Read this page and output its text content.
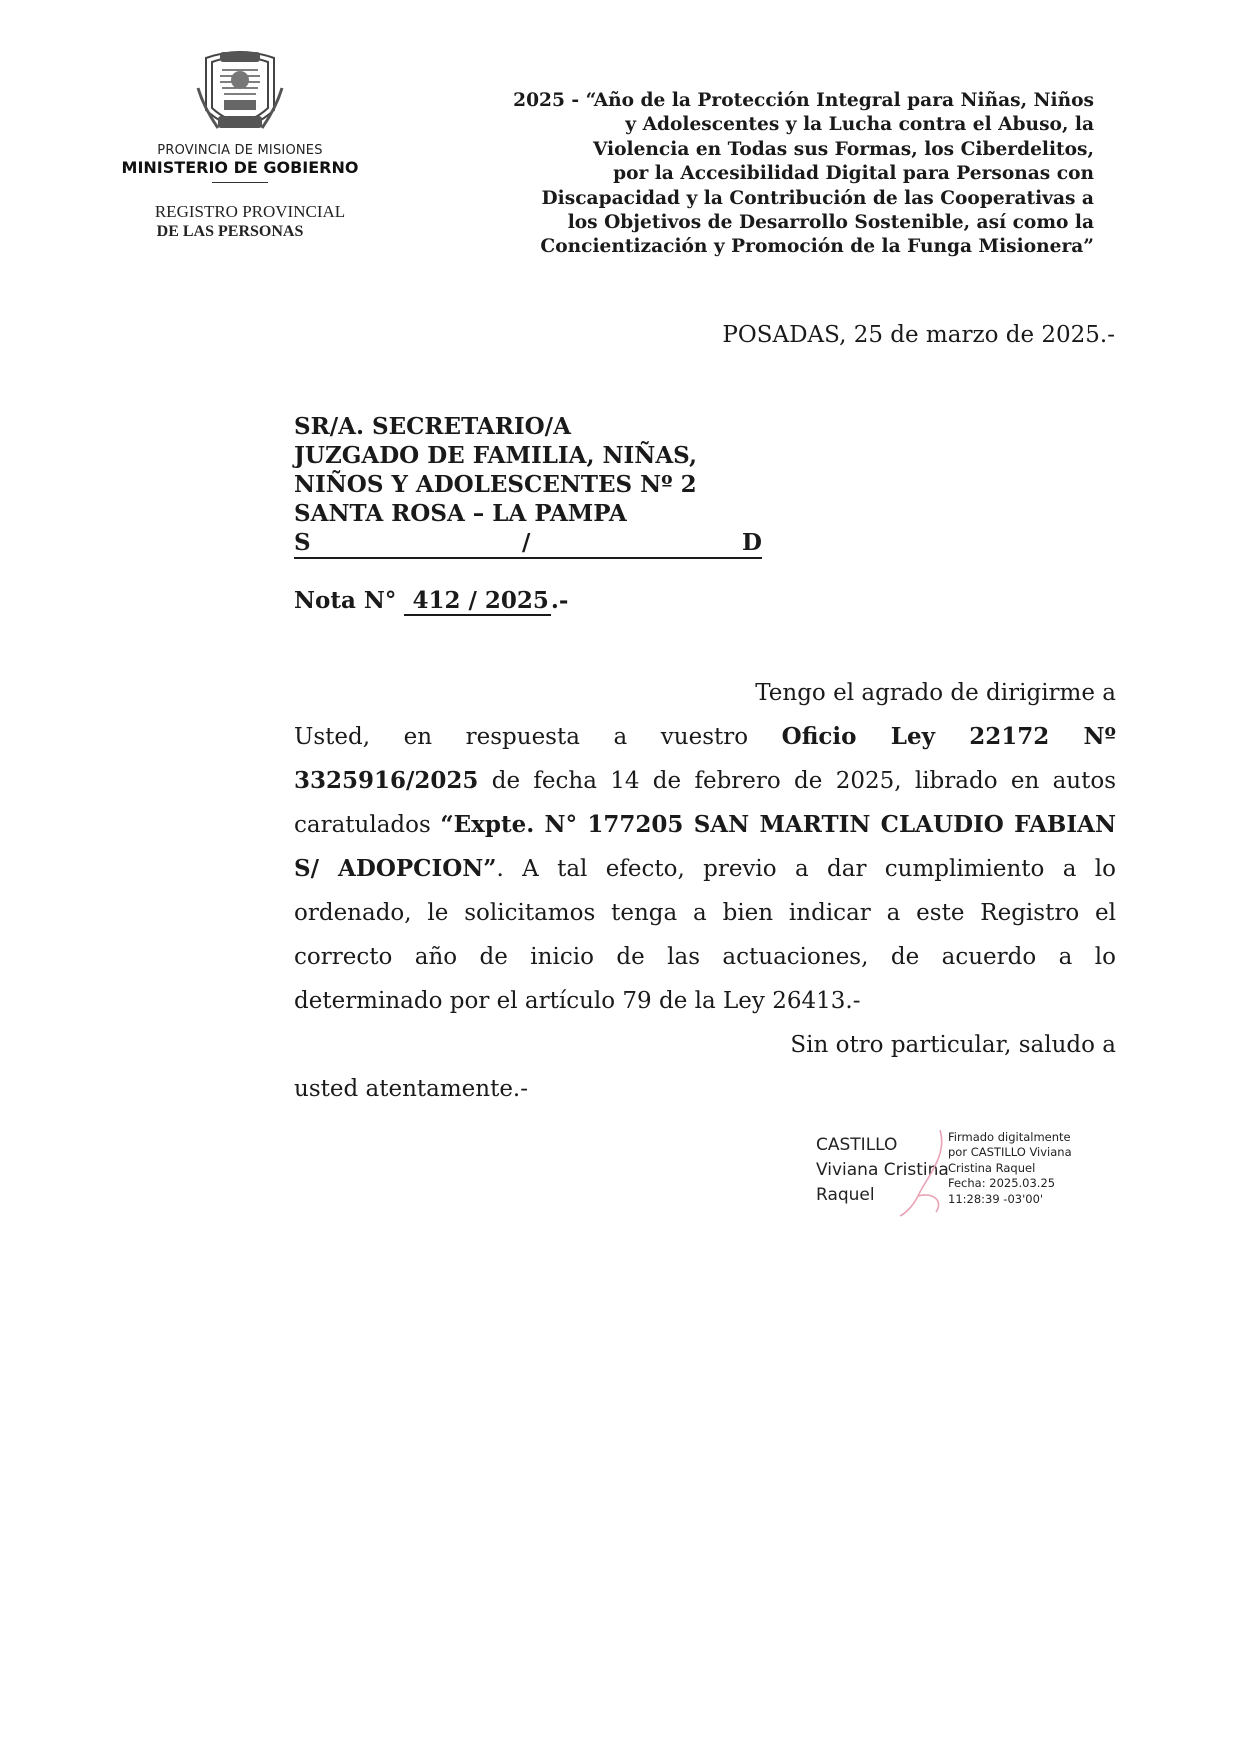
PROVINCIA DE MISIONES
MINISTERIO DE GOBIERNO
REGISTRO PROVINCIAL
DE LAS PERSONAS
2025 - “Año de la Protección Integral para Niñas, Niños
y Adolescentes y la Lucha contra el Abuso, la
Violencia en Todas sus Formas, los Ciberdelitos,
por la Accesibilidad Digital para Personas con
Discapacidad y la Contribución de las Cooperativas a
los Objetivos de Desarrollo Sostenible, así como la
Concientización y Promoción de la Funga Misionera”
POSADAS, 25 de marzo de 2025.-
SR/A. SECRETARIO/A
JUZGADO DE FAMILIA, NIÑAS,
NIÑOS Y ADOLESCENTES Nº 2
SANTA ROSA – LA PAMPA
S	/	D
Nota N° 412 / 2025.-
Tengo el agrado de dirigirme a
Usted, en respuesta a vuestro Oficio Ley 22172 Nº
3325916/2025 de fecha 14 de febrero de 2025, librado en autos
caratulados “Expte. N° 177205 SAN MARTIN CLAUDIO FABIAN
S/ ADOPCION”. A tal efecto, previo a dar cumplimiento a lo
ordenado, le solicitamos tenga a bien indicar a este Registro el
correcto año de inicio de las actuaciones, de acuerdo a lo
determinado por el artículo 79 de la Ley 26413.-
Sin otro particular, saludo a
usted atentamente.-
CASTILLO
Viviana Cristina
Raquel
Firmado digitalmente
por CASTILLO Viviana
Cristina Raquel
Fecha: 2025.03.25
11:28:39 -03'00'
